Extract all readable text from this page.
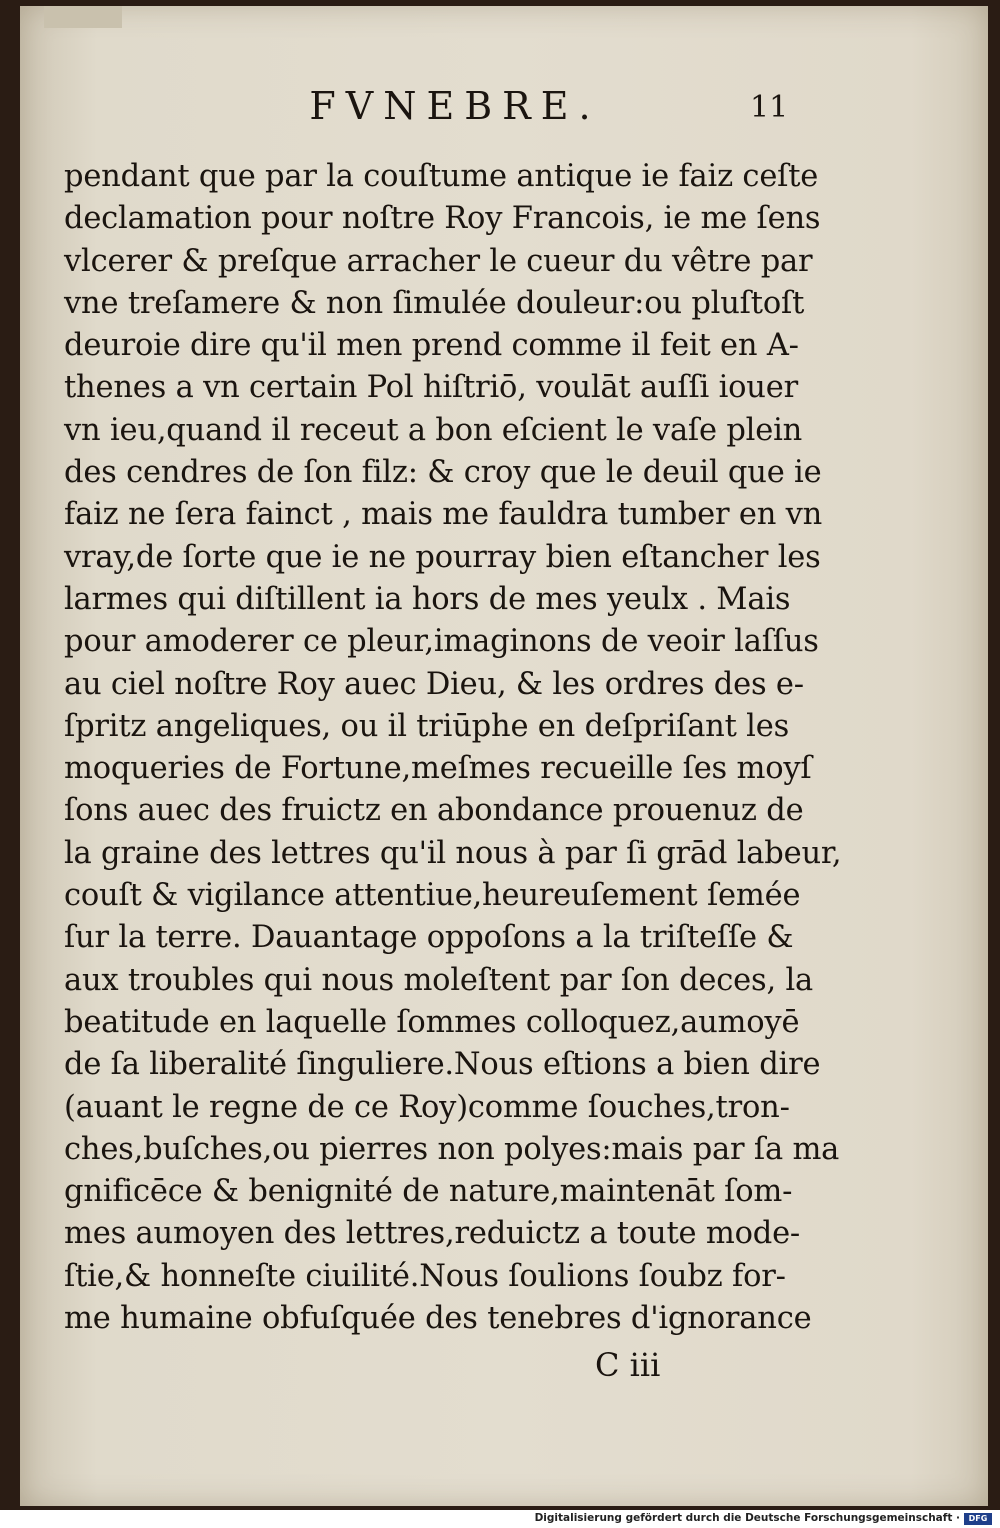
FVNEBRE.	11
pendant que par la couſtume antique ie faiz ceſte
declamation pour noſtre Roy Francois, ie me ſens
vlcerer & preſque arracher le cueur du vêtre par
vne treſamere & non ſimulée douleur:ou pluſtoſt
deuroie dire qu'il men prend comme il feit en A-
thenes a vn certain Pol hiſtriō, voulāt auſſi iouer
vn ieu,quand il receut a bon eſcient le vaſe plein
des cendres de ſon filz: & croy que le deuil que ie
faiz ne ſera fainct , mais me fauldra tumber en vn
vray,de ſorte que ie ne pourray bien eſtancher les
larmes qui diſtillent ia hors de mes yeulx . Mais
pour amoderer ce pleur,imaginons de veoir laſſus
au ciel noſtre Roy auec Dieu, & les ordres des e-
ſpritz angeliques, ou il triūphe en deſpriſant les
moqueries de Fortune,meſmes recueille ſes moyſ
ſons auec des fruictz en abondance prouenuz de
la graine des lettres qu'il nous à par ſi grād labeur,
couſt & vigilance attentiue,heureuſement ſemée
ſur la terre. Dauantage oppoſons a la triſteſſe &
aux troubles qui nous moleſtent par ſon deces, la
beatitude en laquelle ſommes colloquez,aumoyē
de ſa liberalité ſinguliere.Nous eſtions a bien dire
(auant le regne de ce Roy)comme ſouches,tron-
ches,buſches,ou pierres non polyes:mais par ſa ma
gnificēce & benignité de nature,maintenāt ſom-
mes aumoyen des lettres,reduictz a toute mode-
ſtie,& honneſte ciuilité.Nous ſoulions ſoubz for-
me humaine obfuſquée des tenebres d'ignorance
C iii
Digitalisierung gefördert durch die Deutsche Forschungsgemeinschaft ·	DFG
